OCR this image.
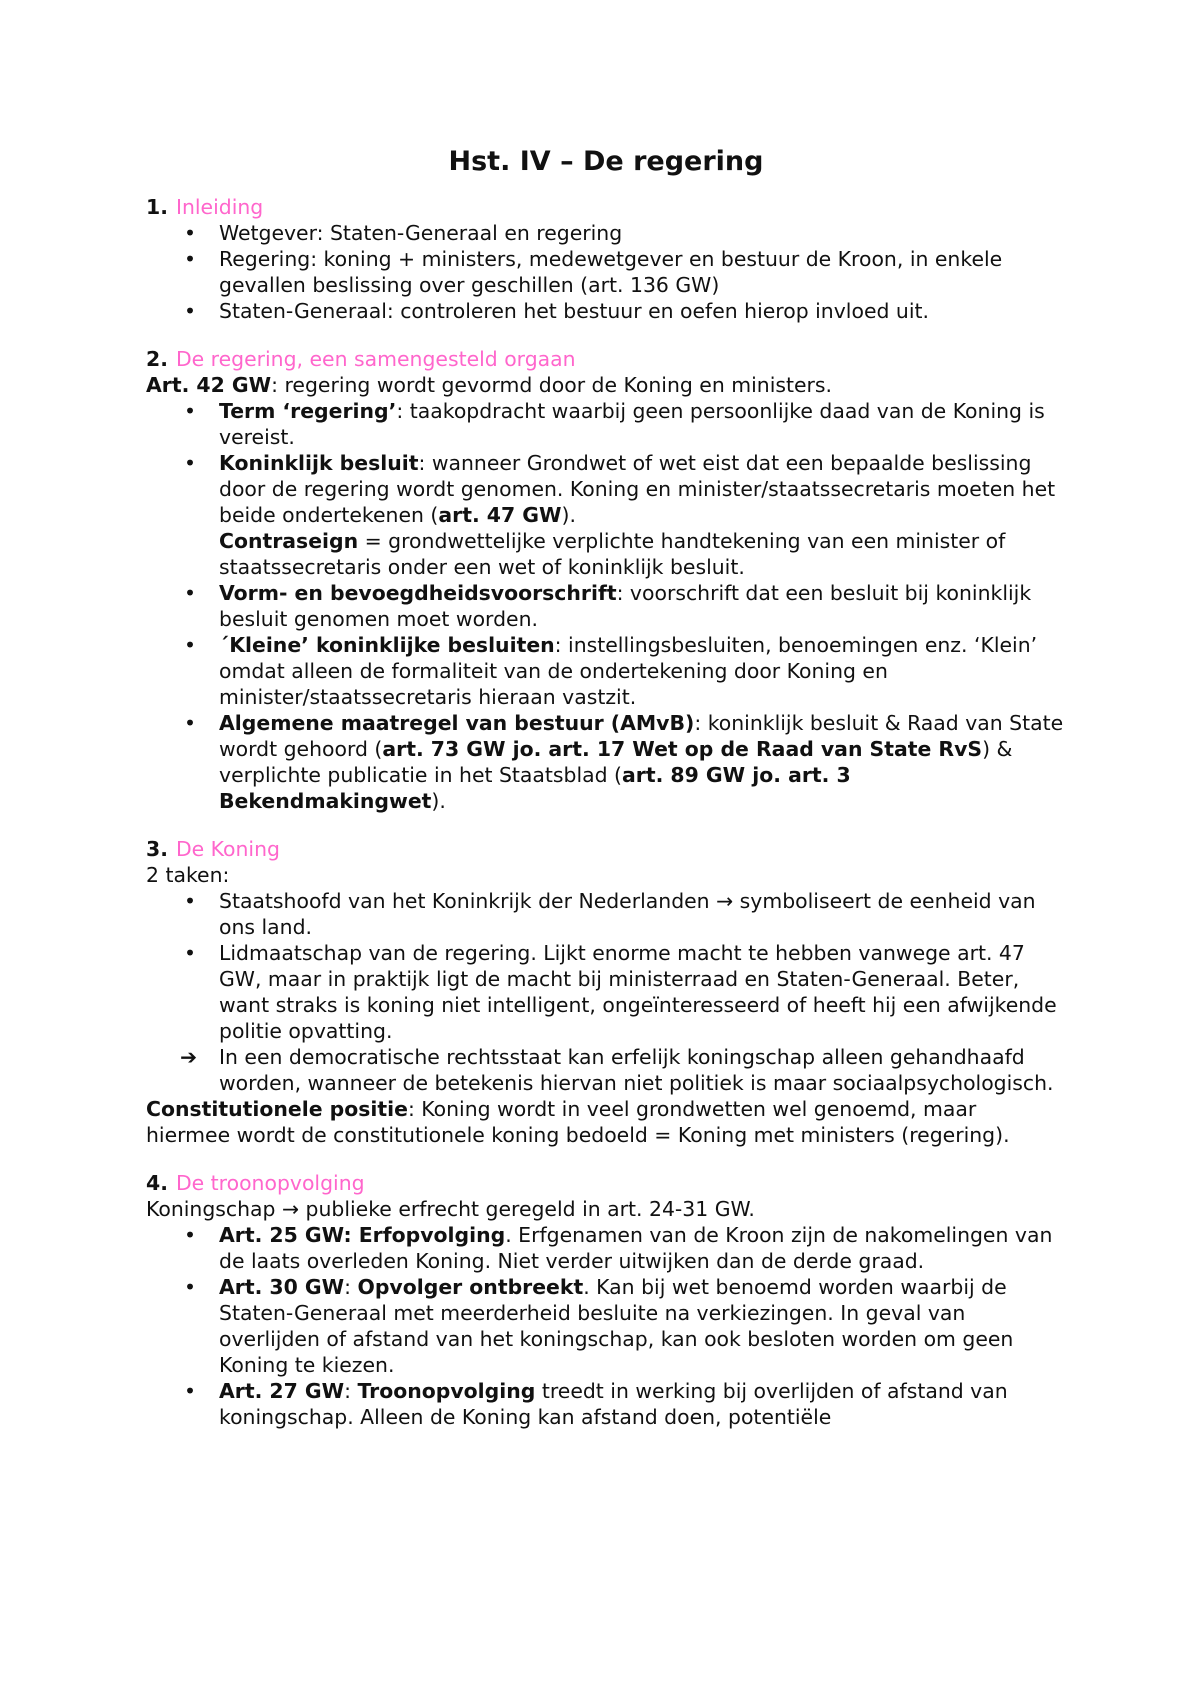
Hst. IV – De regering
1. Inleiding
• Wetgever: Staten-Generaal en regering
• Regering: koning + ministers, medewetgever en bestuur de Kroon, in enkele gevallen beslissing over geschillen (art. 136 GW)
• Staten-Generaal: controleren het bestuur en oefen hierop invloed uit.
2. De regering, een samengesteld orgaan

Art. 42 GW: regering wordt gevormd door de Koning en ministers.

• Term ‘regering’: taakopdracht waarbij geen persoonlijke daad van de Koning is vereist.
• Koninklijk besluit: wanneer Grondwet of wet eist dat een bepaalde beslissing door de regering wordt genomen. Koning en minister/staatssecretaris moeten het beide ondertekenen (art. 47 GW).
Contraseign = grondwettelijke verplichte handtekening van een minister of staatssecretaris onder een wet of koninklijk besluit.
• Vorm- en bevoegdheidsvoorschrift: voorschrift dat een besluit bij koninklijk besluit genomen moet worden.
• ´Kleine’ koninklijke besluiten: instellingsbesluiten, benoemingen enz. ‘Klein’ omdat alleen de formaliteit van de ondertekening door Koning en minister/staatssecretaris hieraan vastzit.
• Algemene maatregel van bestuur (AMvB): koninklijk besluit & Raad van State wordt gehoord (art. 73 GW jo. art. 17 Wet op de Raad van State RvS) & verplichte publicatie in het Staatsblad (art. 89 GW jo. art. 3 Bekendmakingwet).
3. De Koning

2 taken:

• Staatshoofd van het Koninkrijk der Nederlanden → symboliseert de eenheid van ons land.
• Lidmaatschap van de regering. Lijkt enorme macht te hebben vanwege art. 47 GW, maar in praktijk ligt de macht bij ministerraad en Staten-Generaal. Beter, want straks is koning niet intelligent, ongeïnteresseerd of heeft hij een afwijkende politie opvatting.
➔ In een democratische rechtsstaat kan erfelijk koningschap alleen gehandhaafd worden, wanneer de betekenis hiervan niet politiek is maar sociaalpsychologisch.

Constitutionele positie: Koning wordt in veel grondwetten wel genoemd, maar hiermee wordt de constitutionele koning bedoeld = Koning met ministers (regering).

4. De troonopvolging

Koningschap → publieke erfrecht geregeld in art. 24-31 GW.

• Art. 25 GW: Erfopvolging. Erfgenamen van de Kroon zijn de nakomelingen van de laats overleden Koning. Niet verder uitwijken dan de derde graad.
• Art. 30 GW: Opvolger ontbreekt. Kan bij wet benoemd worden waarbij de Staten-Generaal met meerderheid besluite na verkiezingen. In geval van overlijden of afstand van het koningschap, kan ook besloten worden om geen Koning te kiezen.
• Art. 27 GW: Troonopvolging treedt in werking bij overlijden of afstand van koningschap. Alleen de Koning kan afstand doen, potentiële
